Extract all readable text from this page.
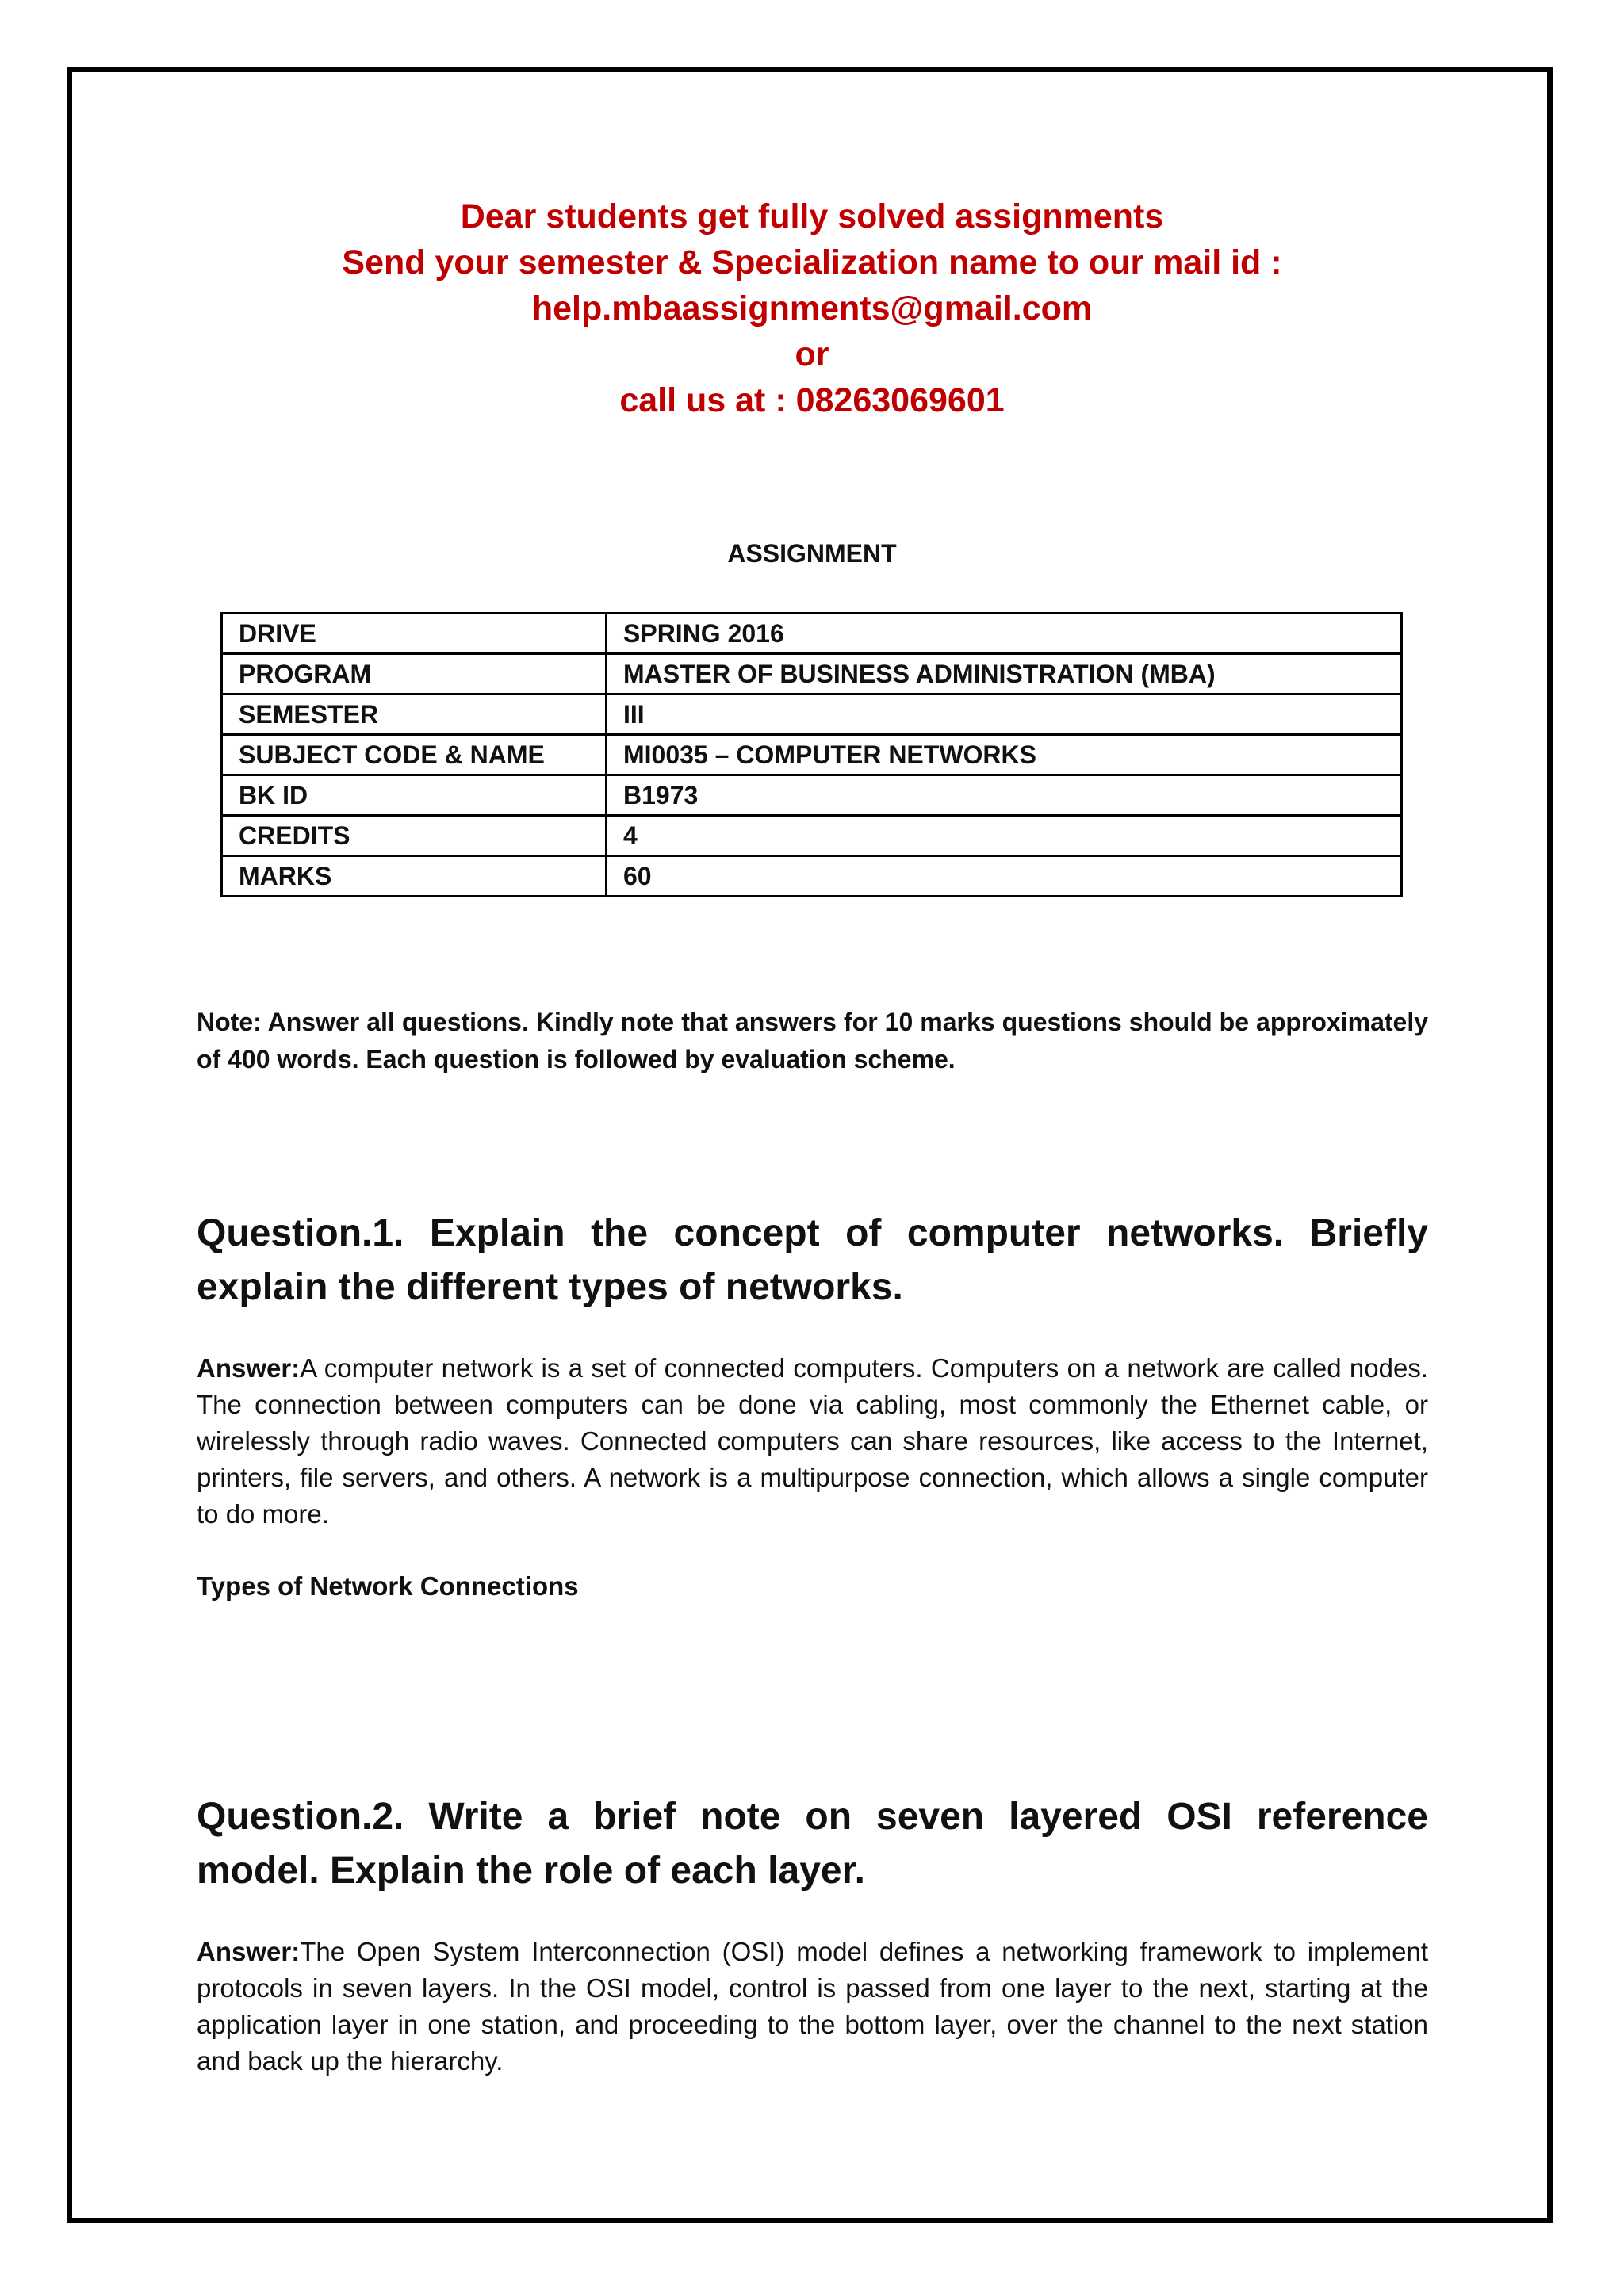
Dear students get fully solved assignments
Send your semester & Specialization name to our mail id :
help.mbaassignments@gmail.com
or
call us at : 08263069601
ASSIGNMENT
DRIVE	SPRING 2016
PROGRAM	MASTER OF BUSINESS ADMINISTRATION (MBA)
SEMESTER	III
SUBJECT CODE & NAME	MI0035 – COMPUTER NETWORKS
BK ID	B1973
CREDITS	4
MARKS	60
Note: Answer all questions. Kindly note that answers for 10 marks questions should be approximately of 400 words. Each question is followed by evaluation scheme.
Question.1. Explain the concept of computer networks. Briefly explain the different types of networks.
Answer:A computer network is a set of connected computers. Computers on a network are called nodes. The connection between computers can be done via cabling, most commonly the Ethernet cable, or wirelessly through radio waves. Connected computers can share resources, like access to the Internet, printers, file servers, and others. A network is a multipurpose connection, which allows a single computer to do more.
Types of Network Connections
Question.2. Write a brief note on seven layered OSI reference model. Explain the role of each layer.
Answer:The Open System Interconnection (OSI) model defines a networking framework to implement protocols in seven layers. In the OSI model, control is passed from one layer to the next, starting at the application layer in one station, and proceeding to the bottom layer, over the channel to the next station and back up the hierarchy.
